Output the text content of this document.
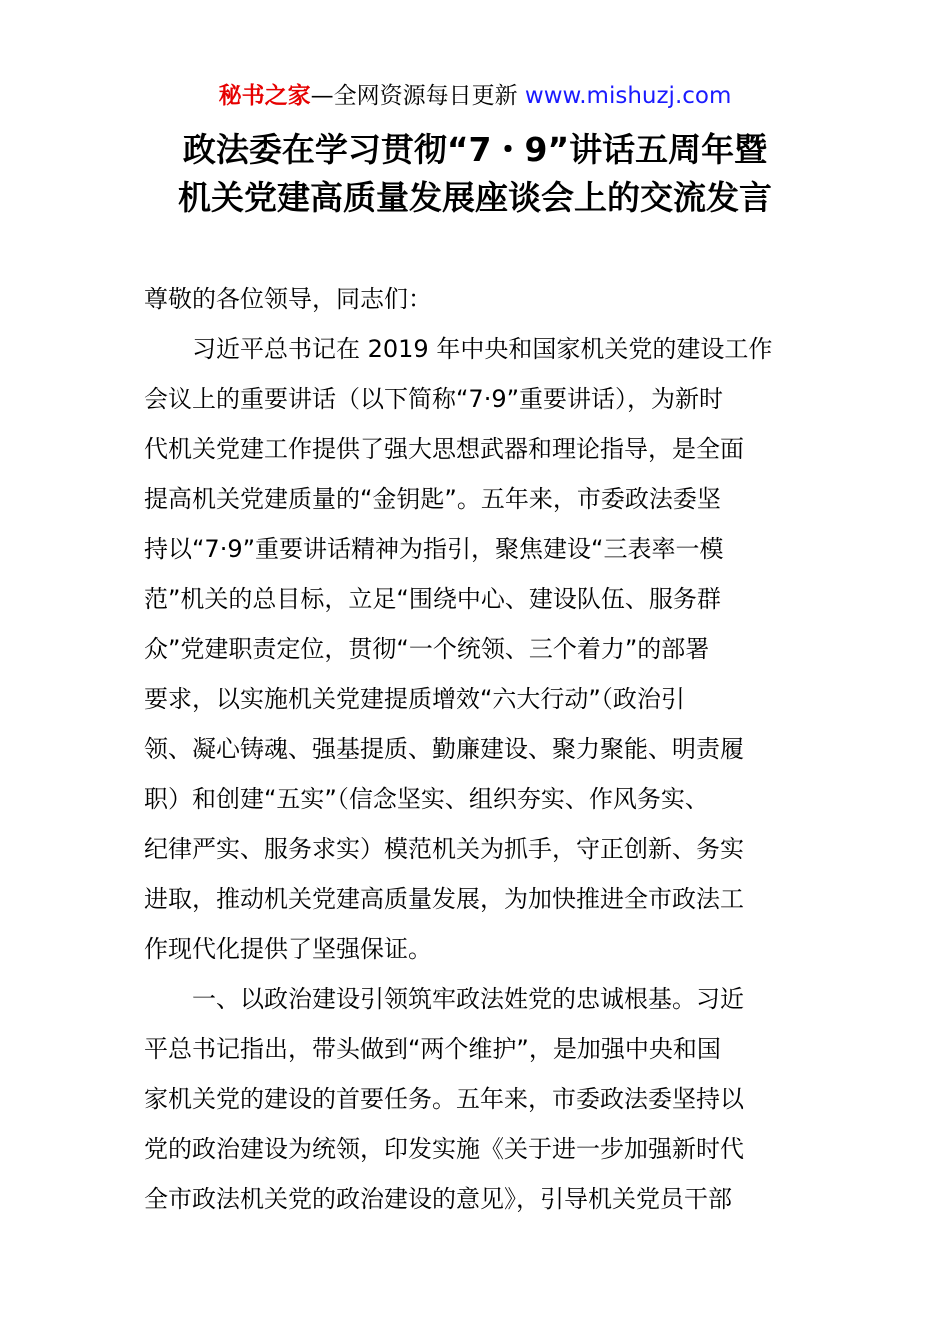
秘书之家—全网资源每日更新 www.mishuzj.com
政法委在学习贯彻“7・9”讲话五周年暨
机关党建高质量发展座谈会上的交流发言
尊敬的各位领导，同志们：
习近平总书记在 2019 年中央和国家机关党的建设工作
会议上的重要讲话（以下简称“7·9”重要讲话），为新时
代机关党建工作提供了强大思想武器和理论指导，是全面
提高机关党建质量的“金钥匙”。五年来，市委政法委坚
持以“7·9”重要讲话精神为指引，聚焦建设“三表率一模
范”机关的总目标，立足“围绕中心、建设队伍、服务群
众”党建职责定位，贯彻“一个统领、三个着力”的部署
要求，以实施机关党建提质增效“六大行动”（政治引
领、凝心铸魂、强基提质、勤廉建设、聚力聚能、明责履
职）和创建“五实”（信念坚实、组织夯实、作风务实、
纪律严实、服务求实）模范机关为抓手，守正创新、务实
进取，推动机关党建高质量发展，为加快推进全市政法工
作现代化提供了坚强保证。
一、以政治建设引领筑牢政法姓党的忠诚根基。习近
平总书记指出，带头做到“两个维护”，是加强中央和国
家机关党的建设的首要任务。五年来，市委政法委坚持以
党的政治建设为统领，印发实施《关于进一步加强新时代
全市政法机关党的政治建设的意见》，引导机关党员干部
